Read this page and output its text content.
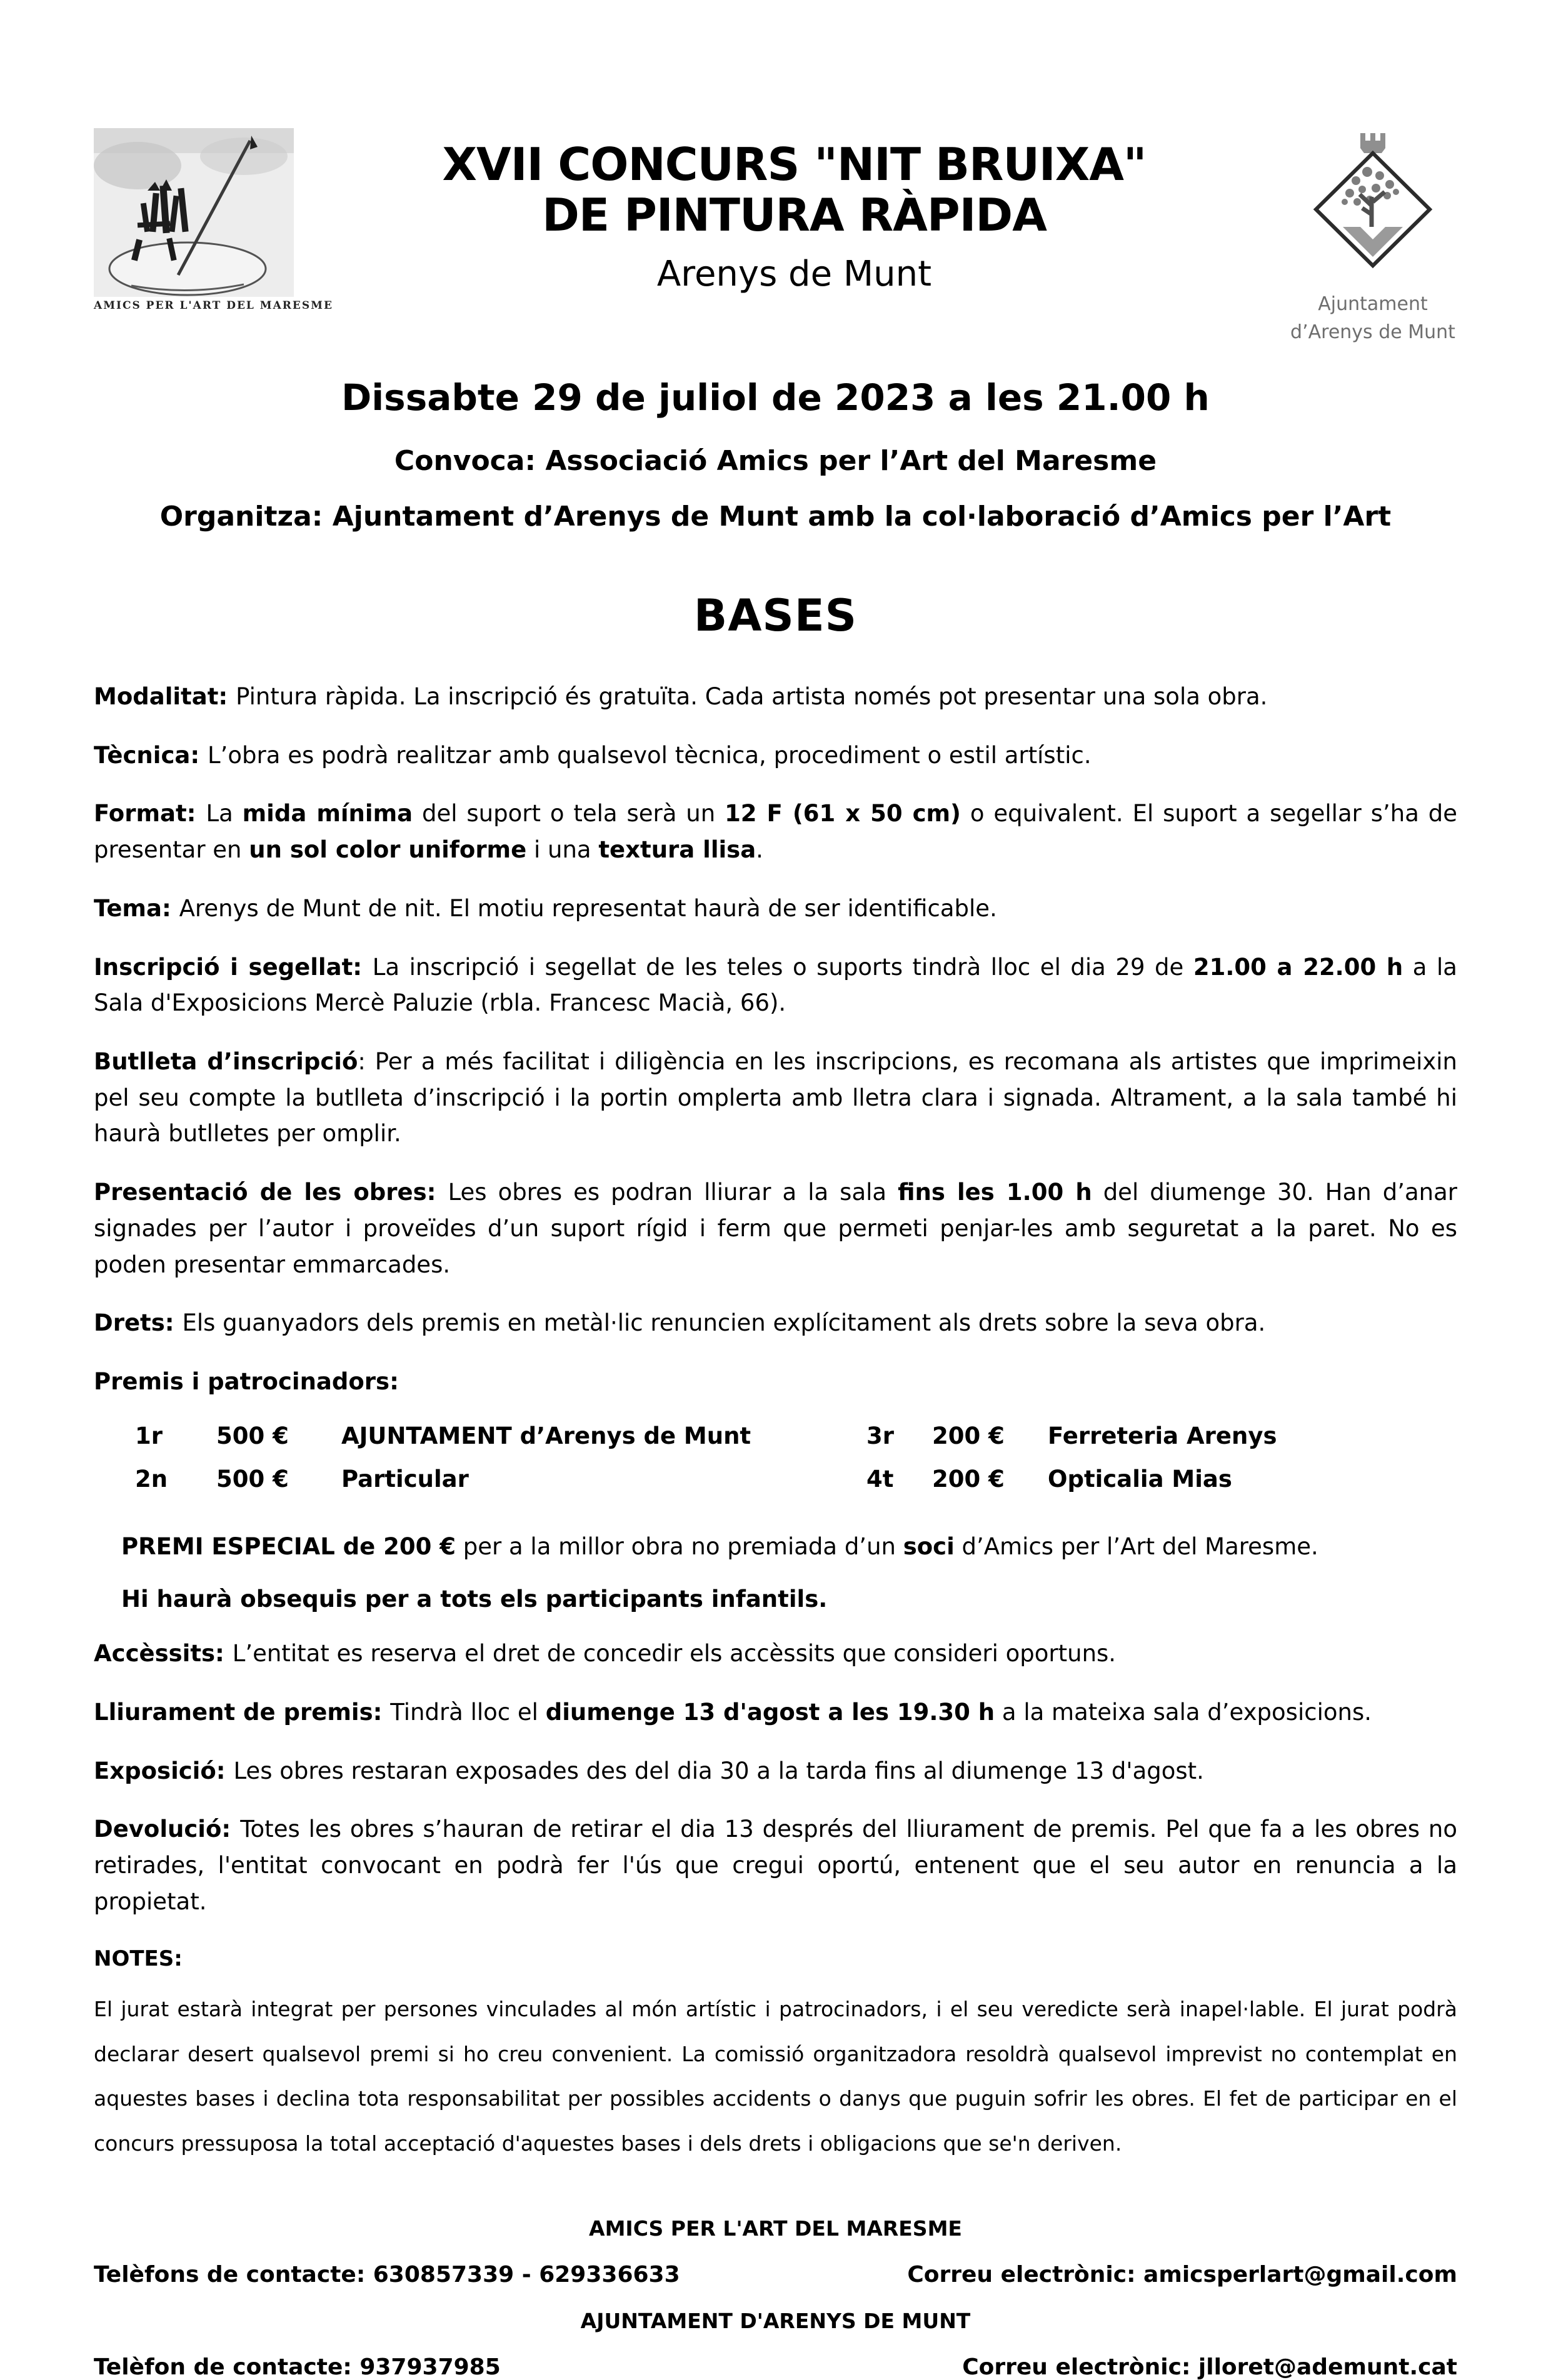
AMICS PER L'ART DEL MARESME
XVII CONCURS "NIT BRUIXA"
DE PINTURA RÀPIDA
Arenys de Munt
Ajuntament
d’Arenys de Munt
Dissabte 29 de juliol de 2023 a les 21.00 h
Convoca: Associació Amics per l’Art del Maresme
Organitza: Ajuntament d’Arenys de Munt amb la col·laboració d’Amics per l’Art
BASES

Modalitat: Pintura ràpida. La inscripció és gratuïta. Cada artista només pot presentar una sola obra.

Tècnica: L’obra es podrà realitzar amb qualsevol tècnica, procediment o estil artístic.

Format: La mida mínima del suport o tela serà un 12 F (61 x 50 cm) o equivalent. El suport a segellar s’ha de presentar en un sol color uniforme i una textura llisa.

Tema: Arenys de Munt de nit. El motiu representat haurà de ser identificable.

Inscripció i segellat: La inscripció i segellat de les teles o suports tindrà lloc el dia 29 de 21.00 a 22.00 h a la Sala d'Exposicions Mercè Paluzie (rbla. Francesc Macià, 66).

Butlleta d’inscripció: Per a més facilitat i diligència en les inscripcions, es recomana als artistes que imprimeixin pel seu compte la butlleta d’inscripció i la portin omplerta amb lletra clara i signada. Altrament, a la sala també hi haurà butlletes per omplir.

Presentació de les obres: Les obres es podran lliurar a la sala fins les 1.00 h del diumenge 30. Han d’anar signades per l’autor i proveïdes d’un suport rígid i ferm que permeti penjar-les amb seguretat a la paret. No es poden presentar emmarcades.

Drets: Els guanyadors dels premis en metàl·lic renuncien explícitament als drets sobre la seva obra.

Premis i patrocinadors:

1r	500 €	AJUNTAMENT d’Arenys de Munt	3r	200 €	Ferreteria Arenys
2n	500 €	Particular	4t	200 €	Opticalia Mias

PREMI ESPECIAL de 200 € per a la millor obra no premiada d’un soci d’Amics per l’Art del Maresme.

Hi haurà obsequis per a tots els participants infantils.

Accèssits: L’entitat es reserva el dret de concedir els accèssits que consideri oportuns.

Lliurament de premis: Tindrà lloc el diumenge 13 d'agost a les 19.30 h a la mateixa sala d’exposicions.

Exposició: Les obres restaran exposades des del dia 30 a la tarda fins al diumenge 13 d'agost.

Devolució: Totes les obres s’hauran de retirar el dia 13 després del lliurament de premis. Pel que fa a les obres no retirades, l'entitat convocant en podrà fer l'ús que cregui oportú, entenent que el seu autor en renuncia a la propietat.

NOTES:

El jurat estarà integrat per persones vinculades al món artístic i patrocinadors, i el seu veredicte serà inapel·lable. El jurat podrà declarar desert qualsevol premi si ho creu convenient. La comissió organitzadora resoldrà qualsevol imprevist no contemplat en aquestes bases i declina tota responsabilitat per possibles accidents o danys que puguin sofrir les obres. El fet de participar en el concurs pressuposa la total acceptació d'aquestes bases i dels drets i obligacions que se'n deriven.

AMICS PER L'ART DEL MARESME
Telèfons de contacte: 630857339 - 629336633	Correu electrònic: amicsperlart@gmail.com
AJUNTAMENT D'ARENYS DE MUNT
Telèfon de contacte: 937937985	Correu electrònic: jlloret@ademunt.cat
